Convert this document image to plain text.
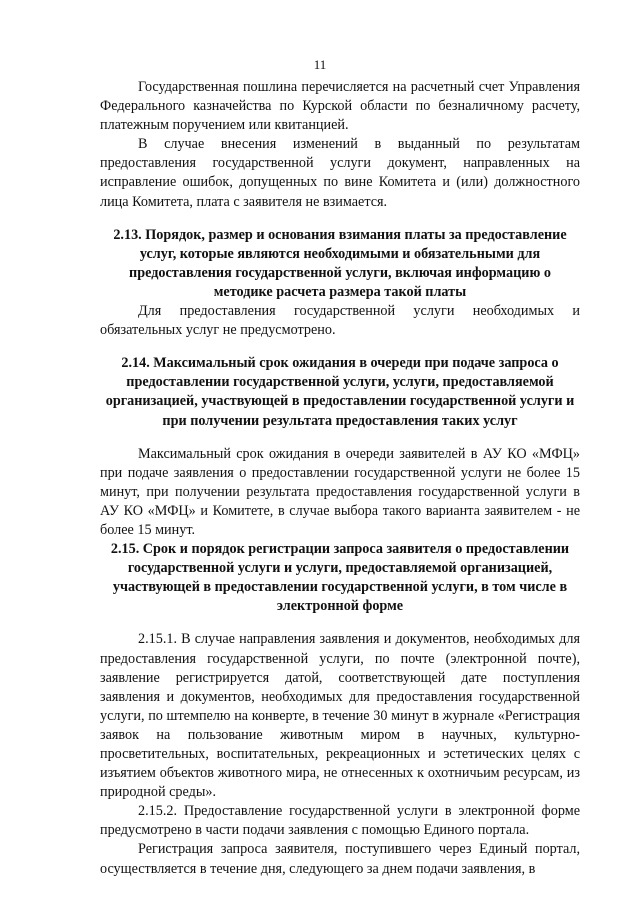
11

Государственная пошлина перечисляется на расчетный счет Управления Федерального казначейства по Курской области по безналичному расчету, платежным поручением или квитанцией.

В случае внесения изменений в выданный по результатам предоставления государственной услуги документ, направленных на исправление ошибок, допущенных по вине Комитета и (или) должностного лица Комитета, плата с заявителя не взимается.

2.13. Порядок, размер и основания взимания платы за предоставление услуг, которые являются необходимыми и обязательными для предоставления государственной услуги, включая информацию о методике расчета размера такой платы

Для предоставления государственной услуги необходимых и обязательных услуг не предусмотрено.

2.14. Максимальный срок ожидания в очереди при подаче запроса о предоставлении государственной услуги, услуги, предоставляемой организацией, участвующей в предоставлении государственной услуги и при получении результата предоставления таких услуг

Максимальный срок ожидания в очереди заявителей в АУ КО «МФЦ» при подаче заявления о предоставлении государственной услуги не более 15 минут, при получении результата предоставления государственной услуги в АУ КО «МФЦ» и Комитете, в случае выбора такого варианта заявителем - не более 15 минут.

2.15. Срок и порядок регистрации запроса заявителя о предоставлении государственной услуги и услуги, предоставляемой организацией, участвующей в предоставлении государственной услуги, в том числе в электронной форме

2.15.1. В случае направления заявления и документов, необходимых для предоставления государственной услуги, по почте (электронной почте), заявление регистрируется датой, соответствующей дате поступления заявления и документов, необходимых для предоставления государственной услуги, по штемпелю на конверте, в течение 30 минут в журнале «Регистрация заявок на пользование животным миром в научных, культурно-просветительных, воспитательных, рекреационных и эстетических целях с изъятием объектов животного мира, не отнесенных к охотничьим ресурсам, из природной среды».

2.15.2. Предоставление государственной услуги в электронной форме предусмотрено в части подачи заявления с помощью Единого портала.

Регистрация запроса заявителя, поступившего через Единый портал, осуществляется в течение дня, следующего за днем подачи заявления, в
